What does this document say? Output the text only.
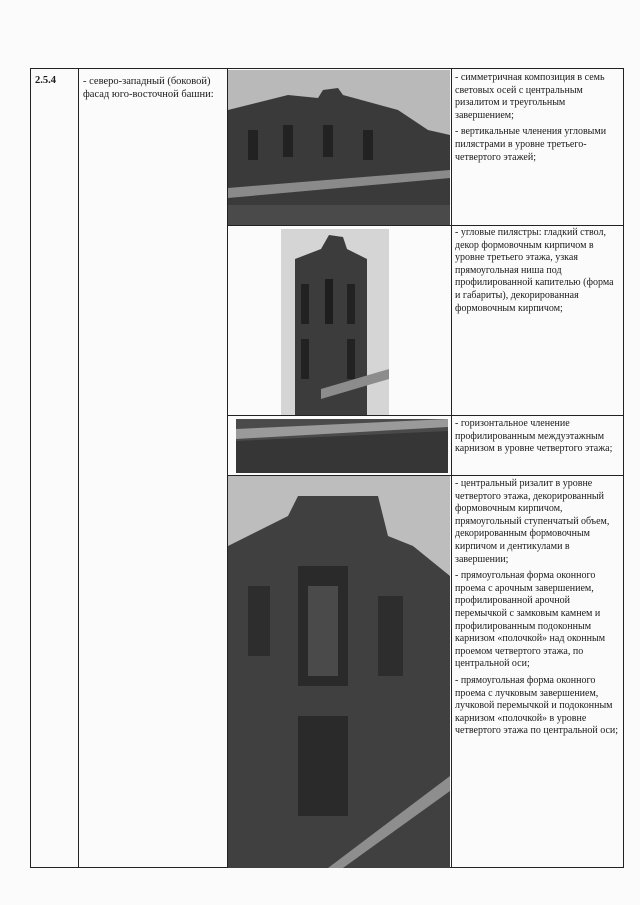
2.5.4	- северо-западный (боковой) фасад юго-восточной башни:

- симметричная композиция в семь световых осей с центральным ризалитом и треугольным завершением;

- вертикальные членения угловыми пилястрами в уровне третьего-четвертого этажей;

- угловые пилястры: гладкий ствол, декор формовочным кирпичом в уровне третьего этажа, узкая прямоугольная ниша под профилированной капителью (форма и габариты), декорированная формовочным кирпичом;

- горизонтальное членение профилированным междуэтажным карнизом в уровне четвертого этажа;

- центральный ризалит в уровне четвертого этажа, декорированный формовочным кирпичом, прямоугольный ступенчатый объем, декорированным формовочным кирпичом и дентикулами в завершении;

- прямоугольная форма оконного проема с арочным завершением, профилированной арочной перемычкой с замковым камнем и профилированным подоконным карнизом «полочкой» над оконным проемом четвертого этажа, по центральной оси;

- прямоугольная форма оконного проема с лучковым завершением, лучковой перемычкой и подоконным карнизом «полочкой» в уровне четвертого этажа по центральной оси;
